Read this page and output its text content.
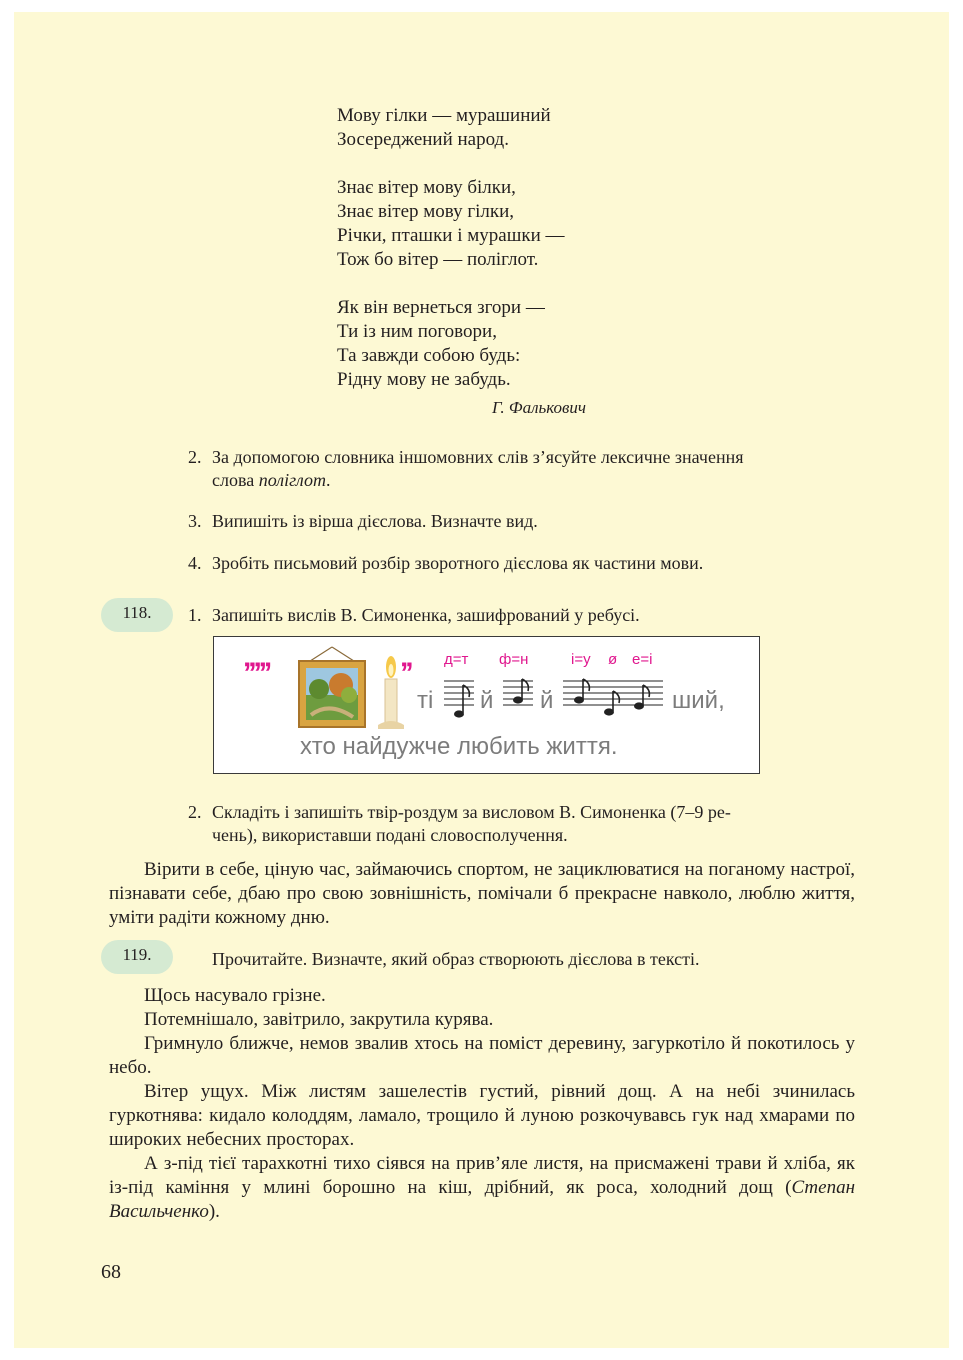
Мову гілки — мурашиний
Зосереджений народ.
Знає вітер мову білки,
Знає вітер мову гілки,
Річки, пташки і мурашки —
Тож бо вітер — поліглот.
Як він вернеться згори —
Ти із ним поговори,
Та завжди собою будь:
Рідну мову не забудь.
Г. Фалькович
2. За допомогою словника іншомовних слів з’ясуйте лексичне значення
слова поліглот.
3. Випишіть із вірша дієслова. Визначте вид.
4. Зробіть письмовий розбір зворотного дієслова як частини мови.
118.	1. Запишіть вислів В. Симоненка, зашифрований у ребусі.
’’’’’	’’ д=т ф=н	і=у ø е=і
ті й й	ший,
хто найдужче любить життя.
2. Складіть і запишіть твір-роздум за висловом В. Симоненка (7–9 ре-
чень), використавши подані словосполучення.
Вірити в себе, ціную час, займаючись спортом, не зациклюватися на поганому настрої, пізнавати себе, дбаю про свою зовнішність, помічали б прекрасне навколо, люблю життя, уміти радіти кожному дню.
119.	Прочитайте. Визначте, який образ створюють дієслова в тексті.
Щось насувало грізне.
Потемнішало, завітрило, закрутила курява.
Гримнуло ближче, немов звалив хтось на поміст деревину, загуркотіло й покотилось у небо.
Вітер ущух. Між листям зашелестів густий, рівний дощ. А на небі зчинилась гуркотнява: кидало колоддям, ламало, трощило й луною розкочувавсь гук над хмарами по широких небесних просторах.
А з-під тієї тарахкотні тихо сіявся на прив’яле листя, на присмажені трави й хліба, як із-під каміння у млині борошно на кіш, дрібний, як роса, холодний дощ (Степан Васильченко).
68
